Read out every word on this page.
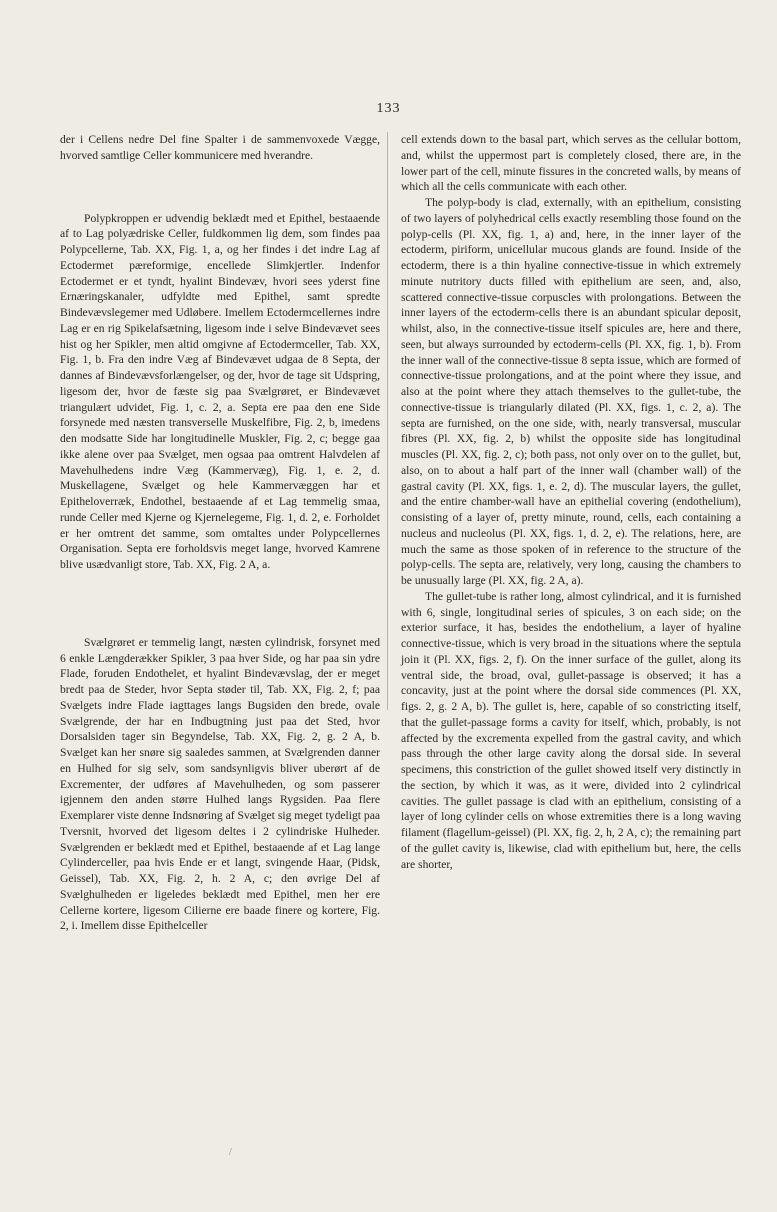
133

der i Cellens nedre Del fine Spalter i de sammenvoxede Vægge, hvorved samtlige Celler kommunicere med hverandre.

Polypkroppen er udvendig beklædt med et Epithel, bestaaende af to Lag polyædriske Celler, fuldkommen lig dem, som findes paa Polypcellerne, Tab. XX, Fig. 1, a, og her findes i det indre Lag af Ectodermet pæreformige, encellede Slimkjertler. Indenfor Ectodermet er et tyndt, hyalint Bindevæv, hvori sees yderst fine Ernæringskanaler, udfyldte med Epithel, samt spredte Bindevævslegemer med Udløbere. Imellem Ectodermcellernes indre Lag er en rig Spikelafsætning, ligesom inde i selve Bindevævet sees hist og her Spikler, men altid omgivne af Ectodermceller, Tab. XX, Fig. 1, b. Fra den indre Væg af Bindevævet udgaa de 8 Septa, der dannes af Bindevævsforlængelser, og der, hvor de tage sit Udspring, ligesom der, hvor de fæste sig paa Svælgrøret, er Bindevævet triangulært udvidet, Fig. 1, c. 2, a. Septa ere paa den ene Side forsynede med næsten transverselle Muskelfibre, Fig. 2, b, imedens den modsatte Side har longitudinelle Muskler, Fig. 2, c; begge gaa ikke alene over paa Svælget, men ogsaa paa omtrent Halvdelen af Mavehulhedens indre Væg (Kammervæg), Fig. 1, e. 2, d. Muskellagene, Svælget og hele Kammervæggen har et Epitheloverræk, Endothel, bestaaende af et Lag temmelig smaa, runde Celler med Kjerne og Kjernelegeme, Fig. 1, d. 2, e. Forholdet er her omtrent det samme, som omtaltes under Polypcellernes Organisation. Septa ere forholdsvis meget lange, hvorved Kamrene blive usædvanligt store, Tab. XX, Fig. 2 A, a.

Svælgrøret er temmelig langt, næsten cylindrisk, forsynet med 6 enkle Længderækker Spikler, 3 paa hver Side, og har paa sin ydre Flade, foruden Endothelet, et hyalint Bindevævslag, der er meget bredt paa de Steder, hvor Septa støder til, Tab. XX, Fig. 2, f; paa Svælgets indre Flade iagttages langs Bugsiden den brede, ovale Svælgrende, der har en Indbugtning just paa det Sted, hvor Dorsalsiden tager sin Begyndelse, Tab. XX, Fig. 2, g. 2 A, b. Svælget kan her snøre sig saaledes sammen, at Svælgrenden danner en Hulhed for sig selv, som sandsynligvis bliver uberørt af de Excrementer, der udføres af Mavehulheden, og som passerer igjennem den anden større Hulhed langs Rygsiden. Paa flere Exemplarer viste denne Indsnøring af Svælget sig meget tydeligt paa Tversnit, hvorved det ligesom deltes i 2 cylindriske Hulheder. Svælgrenden er beklædt med et Epithel, bestaaende af et Lag lange Cylinderceller, paa hvis Ende er et langt, svingende Haar, (Pidsk, Geissel), Tab. XX, Fig. 2, h. 2 A, c; den øvrige Del af Svælghulheden er ligeledes beklædt med Epithel, men her ere Cellerne kortere, ligesom Cilierne ere baade finere og kortere, Fig. 2, i. Imellem disse Epithelceller

cell extends down to the basal part, which serves as the cellular bottom, and, whilst the uppermost part is completely closed, there are, in the lower part of the cell, minute fissures in the concreted walls, by means of which all the cells communicate with each other.

The polyp-body is clad, externally, with an epithelium, consisting of two layers of polyhedrical cells exactly resembling those found on the polyp-cells (Pl. XX, fig. 1, a) and, here, in the inner layer of the ectoderm, piriform, unicellular mucous glands are found. Inside of the ectoderm, there is a thin hyaline connective-tissue in which extremely minute nutritory ducts filled with epithelium are seen, and, also, scattered connective-tissue corpuscles with prolongations. Between the inner layers of the ectoderm-cells there is an abundant spicular deposit, whilst, also, in the connective-tissue itself spicules are, here and there, seen, but always surrounded by ectoderm-cells (Pl. XX, fig. 1, b). From the inner wall of the connective-tissue 8 septa issue, which are formed of connective-tissue prolongations, and at the point where they issue, and also at the point where they attach themselves to the gullet-tube, the connective-tissue is triangularly dilated (Pl. XX, figs. 1, c. 2, a). The septa are furnished, on the one side, with, nearly transversal, muscular fibres (Pl. XX, fig. 2, b) whilst the opposite side has longitudinal muscles (Pl. XX, fig. 2, c); both pass, not only over on to the gullet, but, also, on to about a half part of the inner wall (chamber wall) of the gastral cavity (Pl. XX, figs. 1, e. 2, d). The muscular layers, the gullet, and the entire chamber-wall have an epithelial covering (endothelium), consisting of a layer of, pretty minute, round, cells, each containing a nucleus and nucleolus (Pl. XX, figs. 1, d. 2, e). The relations, here, are much the same as those spoken of in reference to the structure of the polyp-cells. The septa are, relatively, very long, causing the chambers to be unusually large (Pl. XX, fig. 2 A, a).

The gullet-tube is rather long, almost cylindrical, and it is furnished with 6, single, longitudinal series of spicules, 3 on each side; on the exterior surface, it has, besides the endothelium, a layer of hyaline connective-tissue, which is very broad in the situations where the septula join it (Pl. XX, figs. 2, f). On the inner surface of the gullet, along its ventral side, the broad, oval, gullet-passage is observed; it has a concavity, just at the point where the dorsal side commences (Pl. XX, figs. 2, g. 2 A, b). The gullet is, here, capable of so constricting itself, that the gullet-passage forms a cavity for itself, which, probably, is not affected by the excrementa expelled from the gastral cavity, and which pass through the other large cavity along the dorsal side. In several specimens, this constriction of the gullet showed itself very distinctly in the section, by which it was, as it were, divided into 2 cylindrical cavities. The gullet passage is clad with an epithelium, consisting of a layer of long cylinder cells on whose extremities there is a long waving filament (flagellum-geissel) (Pl. XX, fig. 2, h, 2 A, c); the remaining part of the gullet cavity is, likewise, clad with epithelium but, here, the cells are shorter,

/
